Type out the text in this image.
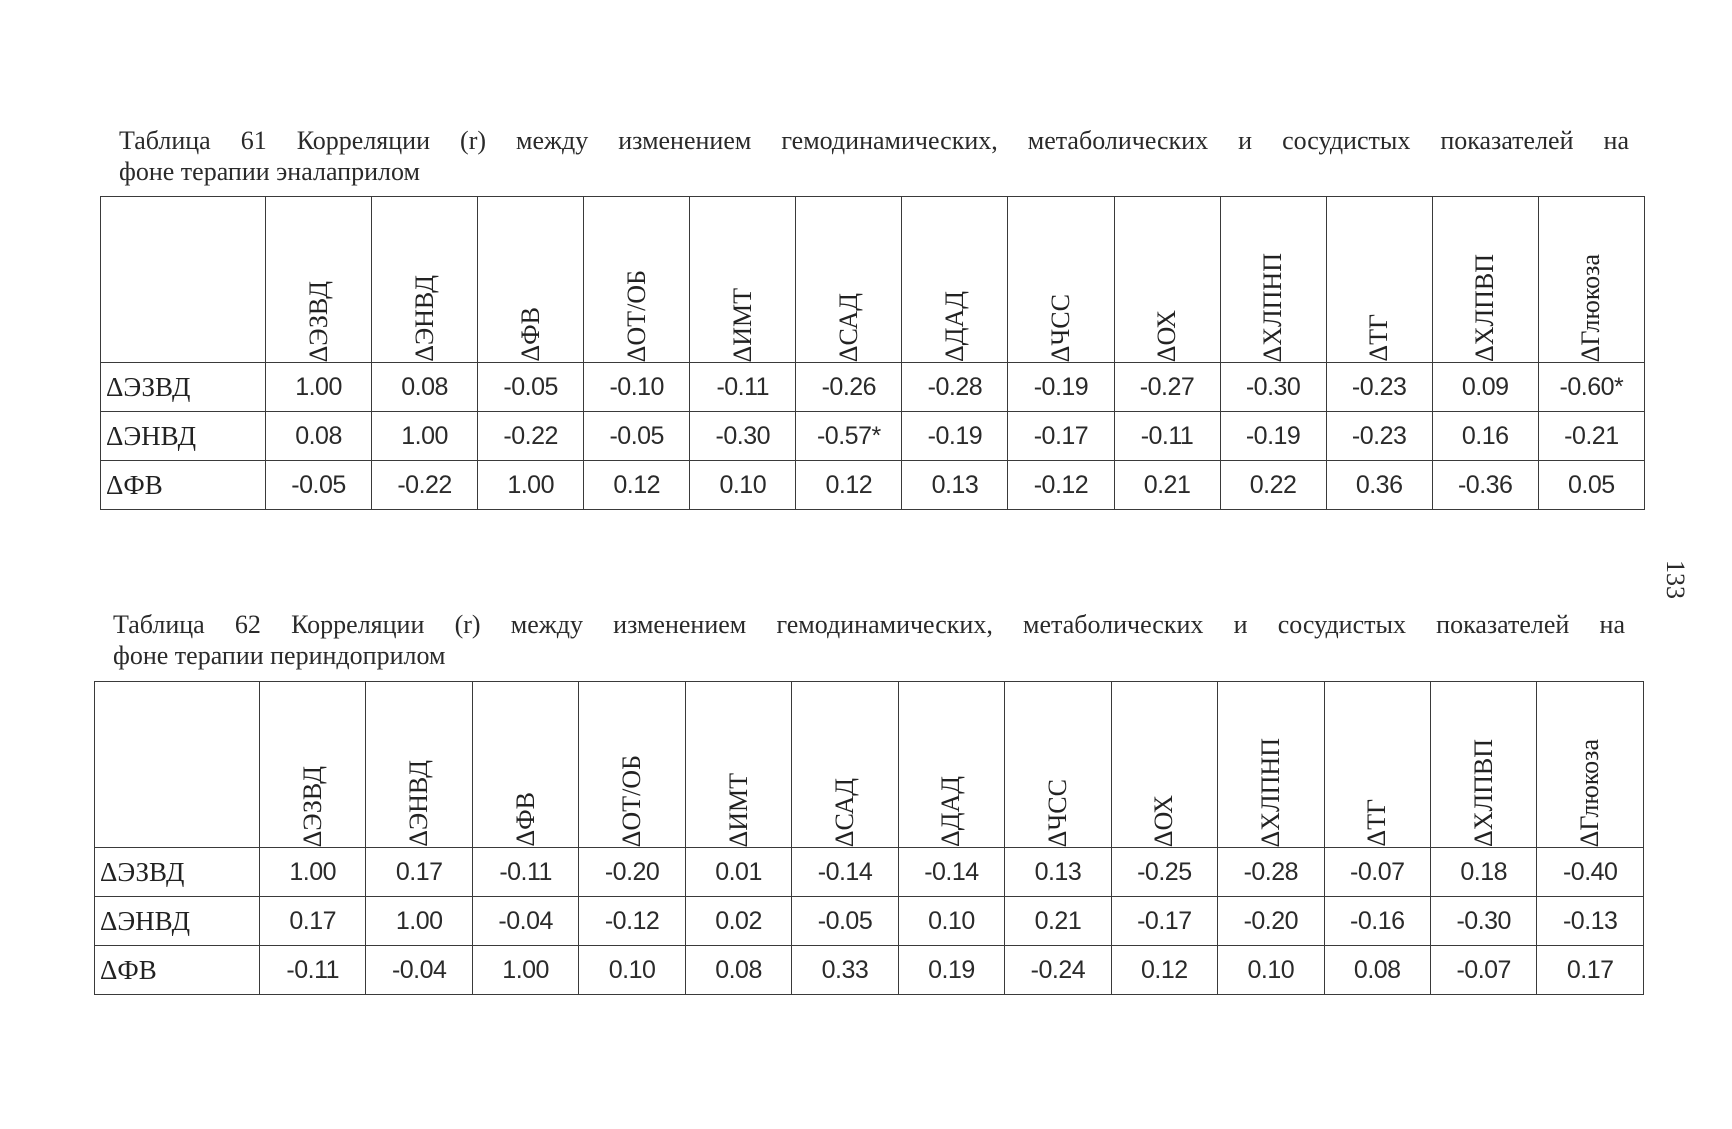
Таблица 61 Корреляции (r) между изменением гемодинамических, метаболических и сосудистых показателей на
фоне терапии эналаприлом

	ΔЭЗВД	ΔЭНВД	ΔФВ	ΔОТ/ОБ	ΔИМТ	ΔСАД	ΔДАД	ΔЧСС	ΔОХ	ΔХЛПНП	ΔТГ	ΔХЛПВП	ΔГлюкоза

ΔЭЗВД	1.00	0.08	-0.05	-0.10	-0.11	-0.26	-0.28	-0.19	-0.27	-0.30	-0.23	0.09	-0.60*
ΔЭНВД	0.08	1.00	-0.22	-0.05	-0.30	-0.57*	-0.19	-0.17	-0.11	-0.19	-0.23	0.16	-0.21
ΔФВ	-0.05	-0.22	1.00	0.12	0.10	0.12	0.13	-0.12	0.21	0.22	0.36	-0.36	0.05
Таблица 62 Корреляции (r) между изменением гемодинамических, метаболических и сосудистых показателей на
фоне терапии периндоприлом

	ΔЭЗВД	ΔЭНВД	ΔФВ	ΔОТ/ОБ	ΔИМТ	ΔСАД	ΔДАД	ΔЧСС	ΔОХ	ΔХЛПНП	ΔТГ	ΔХЛПВП	ΔГлюкоза

ΔЭЗВД	1.00	0.17	-0.11	-0.20	0.01	-0.14	-0.14	0.13	-0.25	-0.28	-0.07	0.18	-0.40
ΔЭНВД	0.17	1.00	-0.04	-0.12	0.02	-0.05	0.10	0.21	-0.17	-0.20	-0.16	-0.30	-0.13
ΔФВ	-0.11	-0.04	1.00	0.10	0.08	0.33	0.19	-0.24	0.12	0.10	0.08	-0.07	0.17
133
